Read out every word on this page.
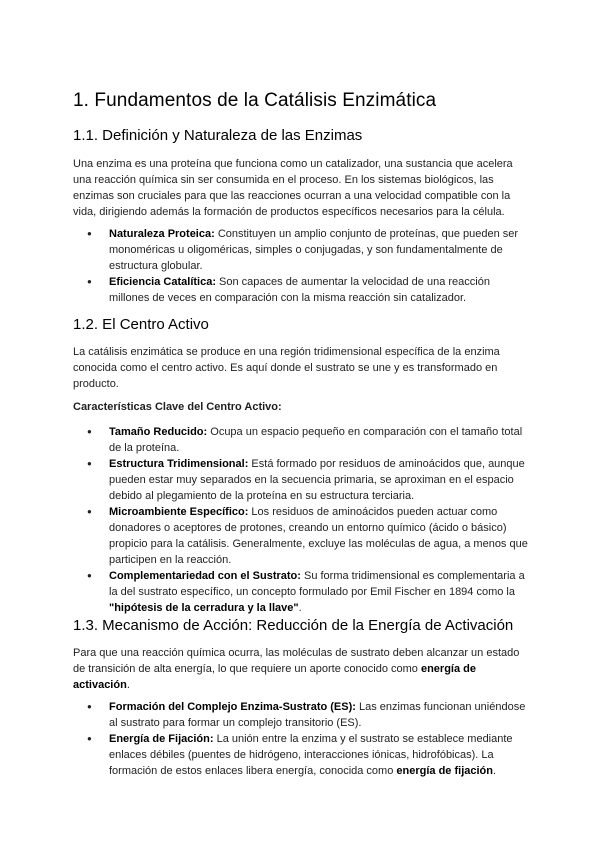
1. Fundamentos de la Catálisis Enzimática
1.1. Definición y Naturaleza de las Enzimas

Una enzima es una proteína que funciona como un catalizador, una sustancia que acelera una reacción química sin ser consumida en el proceso. En los sistemas biológicos, las enzimas son cruciales para que las reacciones ocurran a una velocidad compatible con la vida, dirigiendo además la formación de productos específicos necesarios para la célula.

● Naturaleza Proteica: Constituyen un amplio conjunto de proteínas, que pueden ser monoméricas u oligoméricas, simples o conjugadas, y son fundamentalmente de estructura globular.
● Eficiencia Catalítica: Son capaces de aumentar la velocidad de una reacción millones de veces en comparación con la misma reacción sin catalizador.
1.2. El Centro Activo

La catálisis enzimática se produce en una región tridimensional específica de la enzima conocida como el centro activo. Es aquí donde el sustrato se une y es transformado en producto.

Características Clave del Centro Activo:
● Tamaño Reducido: Ocupa un espacio pequeño en comparación con el tamaño total de la proteína.
● Estructura Tridimensional: Está formado por residuos de aminoácidos que, aunque pueden estar muy separados en la secuencia primaria, se aproximan en el espacio debido al plegamiento de la proteína en su estructura terciaria.
● Microambiente Específico: Los residuos de aminoácidos pueden actuar como donadores o aceptores de protones, creando un entorno químico (ácido o básico) propicio para la catálisis. Generalmente, excluye las moléculas de agua, a menos que participen en la reacción.
● Complementariedad con el Sustrato: Su forma tridimensional es complementaria a la del sustrato específico, un concepto formulado por Emil Fischer en 1894 como la "hipótesis de la cerradura y la llave".
1.3. Mecanismo de Acción: Reducción de la Energía de Activación

Para que una reacción química ocurra, las moléculas de sustrato deben alcanzar un estado de transición de alta energía, lo que requiere un aporte conocido como energía de activación.

● Formación del Complejo Enzima-Sustrato (ES): Las enzimas funcionan uniéndose al sustrato para formar un complejo transitorio (ES).
● Energía de Fijación: La unión entre la enzima y el sustrato se establece mediante enlaces débiles (puentes de hidrógeno, interacciones iónicas, hidrofóbicas). La formación de estos enlaces libera energía, conocida como energía de fijación.
